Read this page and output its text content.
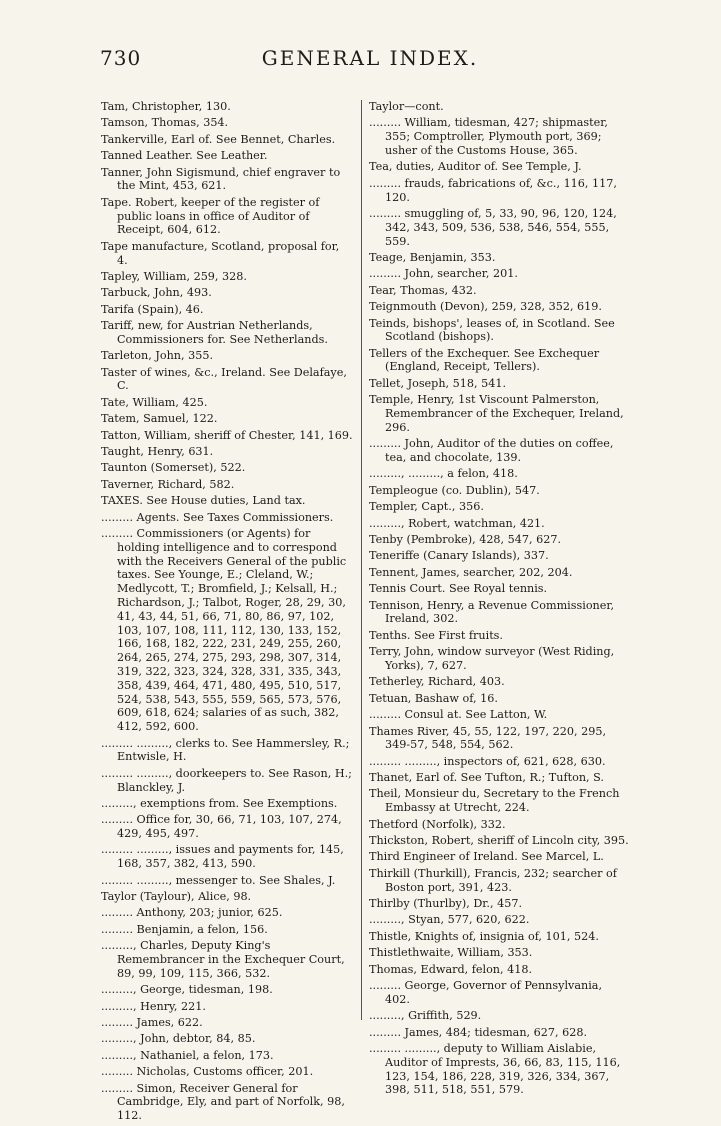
730	GENERAL INDEX.

Tam, Christopher, 130.

Tamson, Thomas, 354.

Tankerville, Earl of. See Bennet, Charles.

Tanned Leather. See Leather.

Tanner, John Sigismund, chief engraver to the Mint, 453, 621.

Tape. Robert, keeper of the register of public loans in office of Auditor of Receipt, 604, 612.

Tape manufacture, Scotland, proposal for, 4.

Tapley, William, 259, 328.

Tarbuck, John, 493.

Tarifa (Spain), 46.

Tariff, new, for Austrian Netherlands, Commissioners for. See Netherlands.

Tarleton, John, 355.

Taster of wines, &c., Ireland. See Delafaye, C.

Tate, William, 425.

Tatem, Samuel, 122.

Tatton, William, sheriff of Chester, 141, 169.

Taught, Henry, 631.

Taunton (Somerset), 522.

Taverner, Richard, 582.

TAXES. See House duties, Land tax.

......... Agents. See Taxes Commissioners.

......... Commissioners (or Agents) for holding intelligence and to correspond with the Receivers General of the public taxes. See Younge, E.; Cleland, W.; Medlycott, T.; Bromfield, J.; Kelsall, H.; Richardson, J.; Talbot, Roger, 28, 29, 30, 41, 43, 44, 51, 66, 71, 80, 86, 97, 102, 103, 107, 108, 111, 112, 130, 133, 152, 166, 168, 182, 222, 231, 249, 255, 260, 264, 265, 274, 275, 293, 298, 307, 314, 319, 322, 323, 324, 328, 331, 335, 343, 358, 439, 464, 471, 480, 495, 510, 517, 524, 538, 543, 555, 559, 565, 573, 576, 609, 618, 624; salaries of as such, 382, 412, 592, 600.

......... ........., clerks to. See Hammersley, R.; Entwisle, H.

......... ........., doorkeepers to. See Rason, H.; Blanckley, J.

........., exemptions from. See Exemptions.

......... Office for, 30, 66, 71, 103, 107, 274, 429, 495, 497.

......... ........., issues and payments for, 145, 168, 357, 382, 413, 590.

......... ........., messenger to. See Shales, J.

Taylor (Taylour), Alice, 98.

......... Anthony, 203; junior, 625.

......... Benjamin, a felon, 156.

........., Charles, Deputy King's Remembrancer in the Exchequer Court, 89, 99, 109, 115, 366, 532.

........., George, tidesman, 198.

........., Henry, 221.

......... James, 622.

........., John, debtor, 84, 85.

........., Nathaniel, a felon, 173.

......... Nicholas, Customs officer, 201.

......... Simon, Receiver General for Cambridge, Ely, and part of Norfolk, 98, 112.

Taylor—cont.

......... William, tidesman, 427; shipmaster, 355; Comptroller, Plymouth port, 369; usher of the Customs House, 365.

Tea, duties, Auditor of. See Temple, J.

......... frauds, fabrications of, &c., 116, 117, 120.

......... smuggling of, 5, 33, 90, 96, 120, 124, 342, 343, 509, 536, 538, 546, 554, 555, 559.

Teage, Benjamin, 353.

......... John, searcher, 201.

Tear, Thomas, 432.

Teignmouth (Devon), 259, 328, 352, 619.

Teinds, bishops', leases of, in Scotland. See Scotland (bishops).

Tellers of the Exchequer. See Exchequer (England, Receipt, Tellers).

Tellet, Joseph, 518, 541.

Temple, Henry, 1st Viscount Palmerston, Remembrancer of the Exchequer, Ireland, 296.

......... John, Auditor of the duties on coffee, tea, and chocolate, 139.

........., ........., a felon, 418.

Templeogue (co. Dublin), 547.

Templer, Capt., 356.

........., Robert, watchman, 421.

Tenby (Pembroke), 428, 547, 627.

Teneriffe (Canary Islands), 337.

Tennent, James, searcher, 202, 204.

Tennis Court. See Royal tennis.

Tennison, Henry, a Revenue Commissioner, Ireland, 302.

Tenths. See First fruits.

Terry, John, window surveyor (West Riding, Yorks), 7, 627.

Tetherley, Richard, 403.

Tetuan, Bashaw of, 16.

......... Consul at. See Latton, W.

Thames River, 45, 55, 122, 197, 220, 295, 349-57, 548, 554, 562.

......... ........., inspectors of, 621, 628, 630.

Thanet, Earl of. See Tufton, R.; Tufton, S.

Theil, Monsieur du, Secretary to the French Embassy at Utrecht, 224.

Thetford (Norfolk), 332.

Thickston, Robert, sheriff of Lincoln city, 395.

Third Engineer of Ireland. See Marcel, L.

Thirkill (Thurkill), Francis, 232; searcher of Boston port, 391, 423.

Thirlby (Thurlby), Dr., 457.

........., Styan, 577, 620, 622.

Thistle, Knights of, insignia of, 101, 524.

Thistlethwaite, William, 353.

Thomas, Edward, felon, 418.

......... George, Governor of Pennsylvania, 402.

........., Griffith, 529.

......... James, 484; tidesman, 627, 628.

......... ........., deputy to William Aislabie, Auditor of Imprests, 36, 66, 83, 115, 116, 123, 154, 186, 228, 319, 326, 334, 367, 398, 511, 518, 551, 579.
